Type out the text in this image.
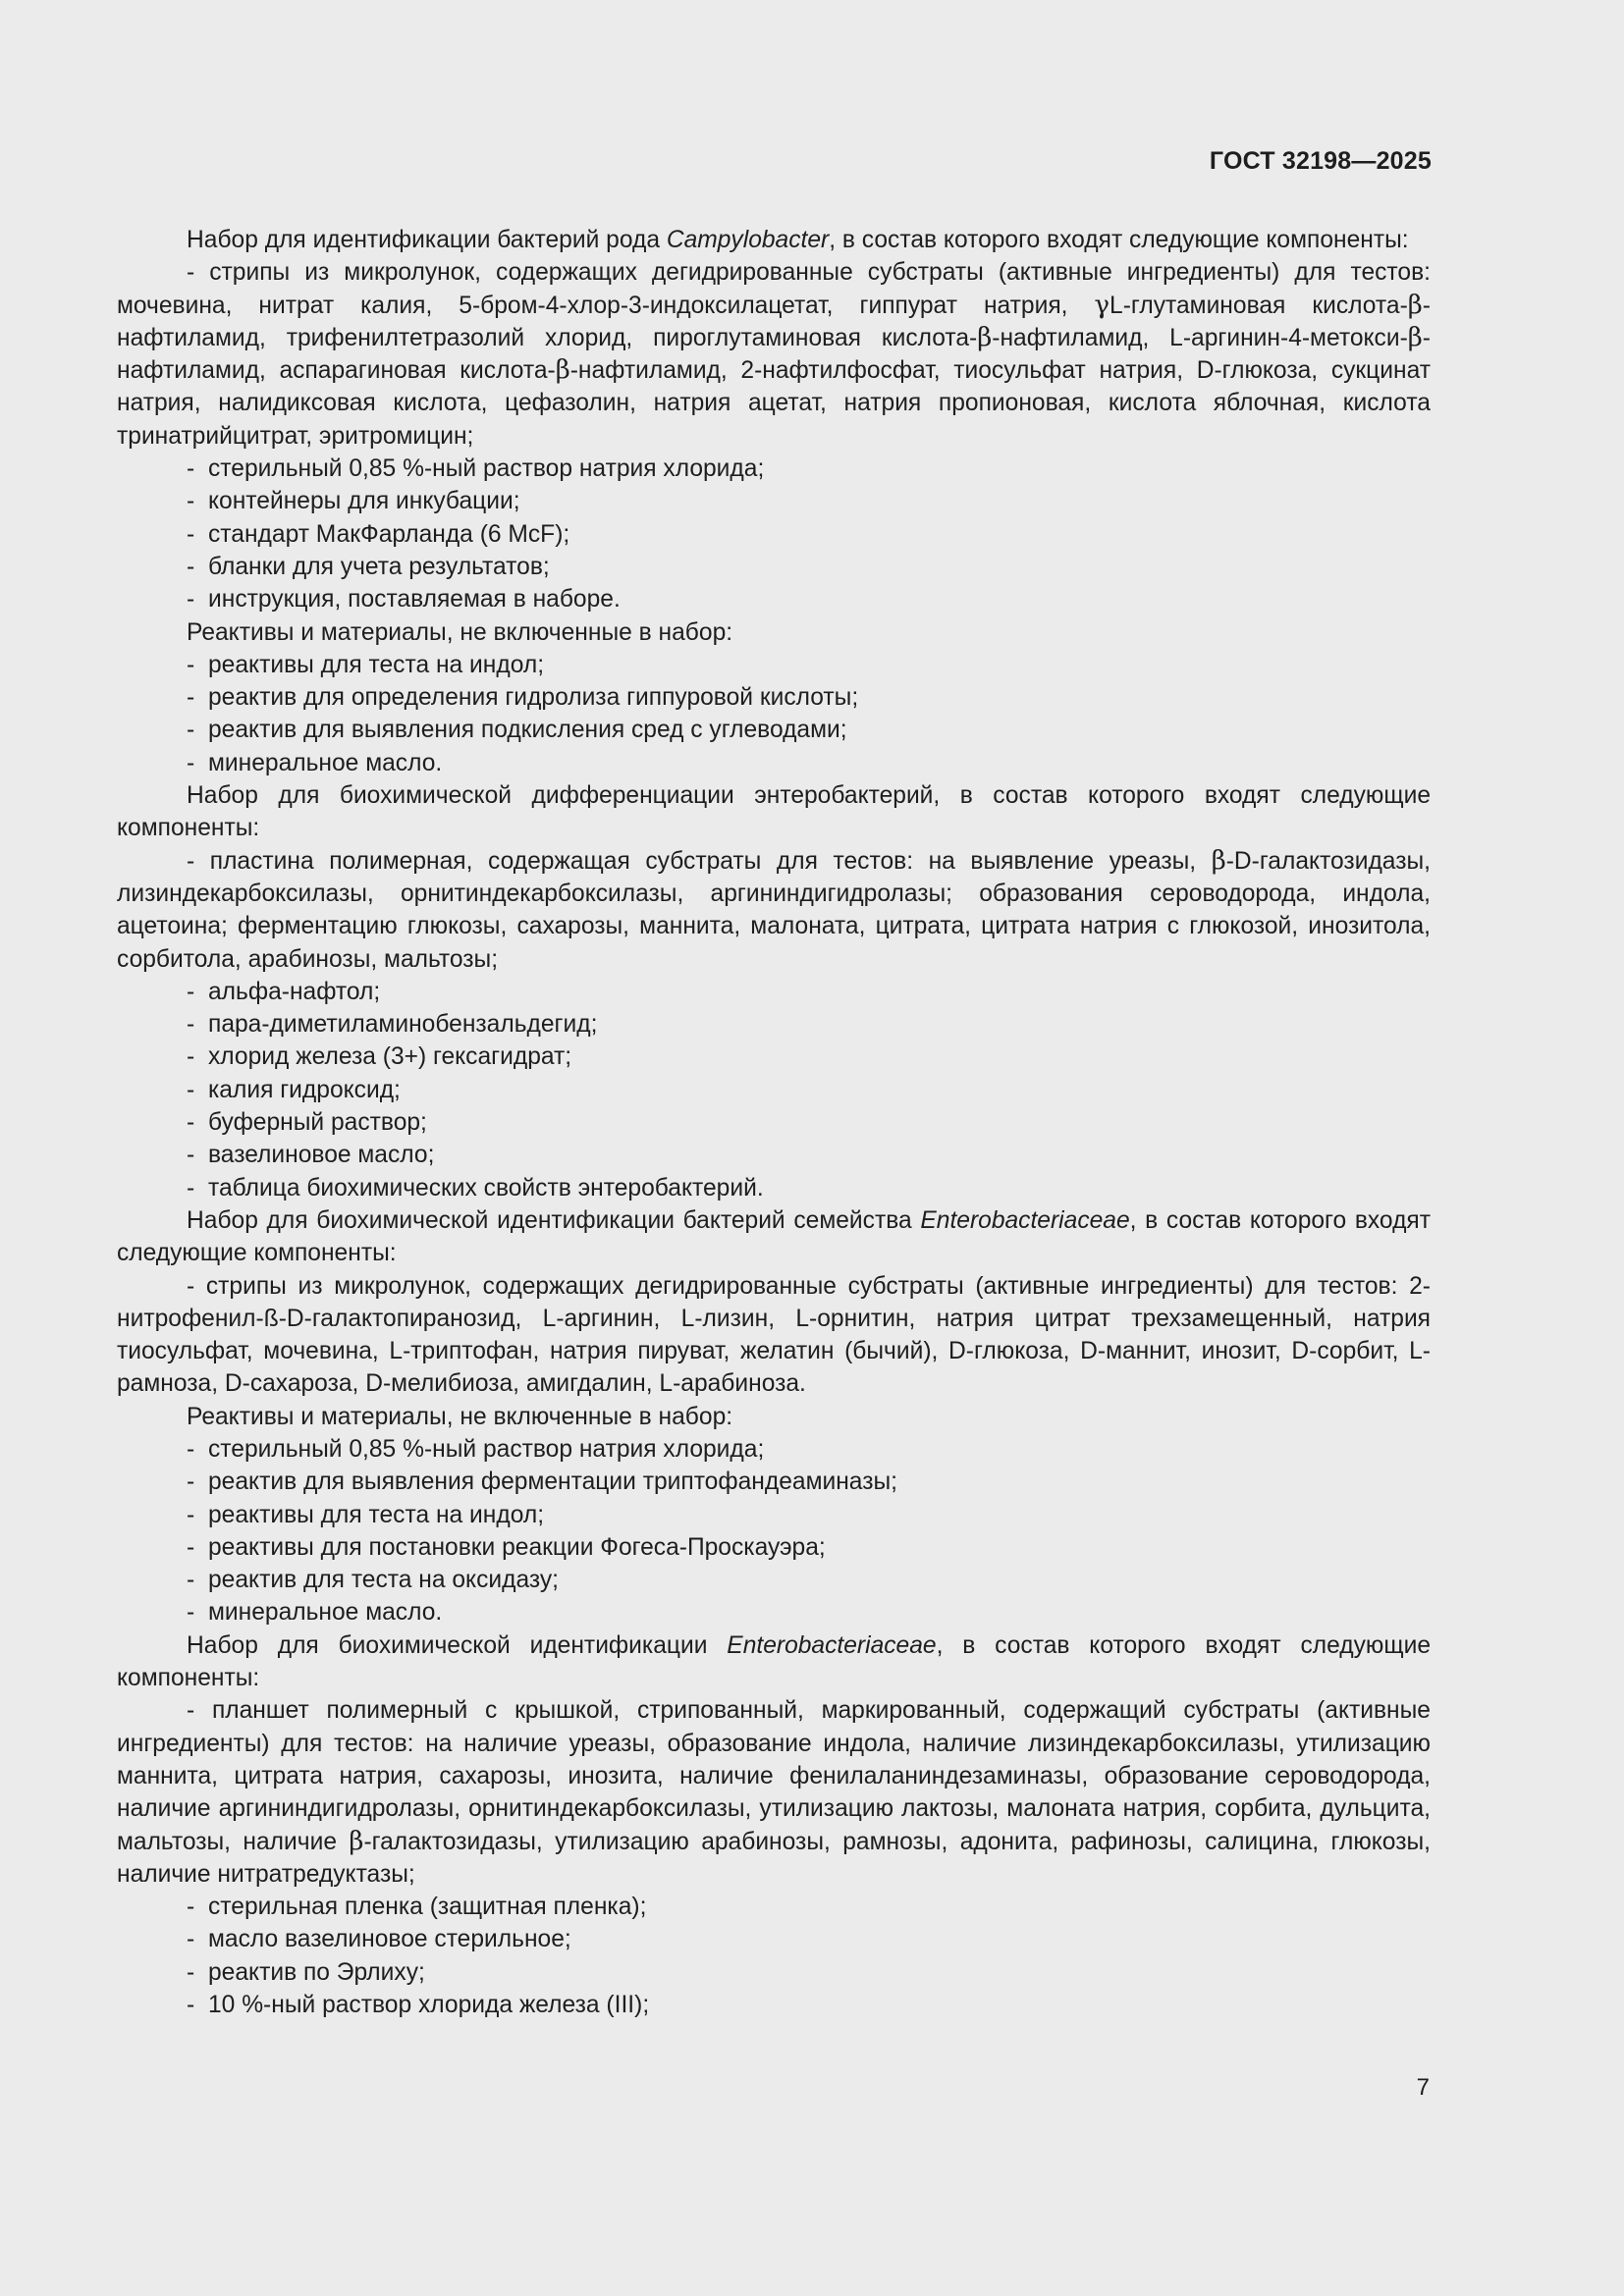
ГОСТ 32198—2025

Набор для идентификации бактерий рода Campylobacter, в состав которого входят следующие компоненты:

- стрипы из микролунок, содержащих дегидрированные субстраты (активные ингредиенты) для тестов: мочевина, нитрат калия, 5-бром-4-хлор-3-индоксилацетат, гиппурат натрия, γL-глутаминовая кислота-β-нафтиламид, трифенилтетразолий хлорид, пироглутаминовая кислота-β-нафтиламид, L-аргинин-4-метокси-β-нафтиламид, аспарагиновая кислота-β-нафтиламид, 2-нафтилфосфат, тиосульфат натрия, D-глюкоза, сукцинат натрия, налидиксовая кислота, цефазолин, натрия ацетат, натрия пропионовая, кислота яблочная, кислота тринатрийцитрат, эритромицин;

- стерильный 0,85 %-ный раствор натрия хлорида;

- контейнеры для инкубации;

- стандарт МакФарланда (6 McF);

- бланки для учета результатов;

- инструкция, поставляемая в наборе.

Реактивы и материалы, не включенные в набор:

- реактивы для теста на индол;

- реактив для определения гидролиза гиппуровой кислоты;

- реактив для выявления подкисления сред с углеводами;

- минеральное масло.

Набор для биохимической дифференциации энтеробактерий, в состав которого входят следующие компоненты:

- пластина полимерная, содержащая субстраты для тестов: на выявление уреазы, β-D-галактозидазы, лизиндекарбоксилазы, орнитиндекарбоксилазы, аргининдигидролазы; образования сероводорода, индола, ацетоина; ферментацию глюкозы, сахарозы, маннита, малоната, цитрата, цитрата натрия с глюкозой, инозитола, сорбитола, арабинозы, мальтозы;

- альфа-нафтол;

- пара-диметиламинобензальдегид;

- хлорид железа (3+) гексагидрат;

- калия гидроксид;

- буферный раствор;

- вазелиновое масло;

- таблица биохимических свойств энтеробактерий.

Набор для биохимической идентификации бактерий семейства Enterobacteriaceae, в состав которого входят следующие компоненты:

- стрипы из микролунок, содержащих дегидрированные субстраты (активные ингредиенты) для тестов: 2-нитрофенил-ß-D-галактопиранозид, L-аргинин, L-лизин, L-орнитин, натрия цитрат трехзамещенный, натрия тиосульфат, мочевина, L-триптофан, натрия пируват, желатин (бычий), D-глюкоза, D-маннит, инозит, D-сорбит, L-рамноза, D-сахароза, D-мелибиоза, амигдалин, L-арабиноза.

Реактивы и материалы, не включенные в набор:

- стерильный 0,85 %-ный раствор натрия хлорида;

- реактив для выявления ферментации триптофандеаминазы;

- реактивы для теста на индол;

- реактивы для постановки реакции Фогеса-Проскауэра;

- реактив для теста на оксидазу;

- минеральное масло.

Набор для биохимической идентификации Enterobacteriaceae, в состав которого входят следующие компоненты:

- планшет полимерный с крышкой, стрипованный, маркированный, содержащий субстраты (активные ингредиенты) для тестов: на наличие уреазы, образование индола, наличие лизиндекарбоксилазы, утилизацию маннита, цитрата натрия, сахарозы, инозита, наличие фенилаланиндезаминазы, образование сероводорода, наличие аргининдигидролазы, орнитиндекарбоксилазы, утилизацию лактозы, малоната натрия, сорбита, дульцита, мальтозы, наличие β-галактозидазы, утилизацию арабинозы, рамнозы, адонита, рафинозы, салицина, глюкозы, наличие нитратредуктазы;

- стерильная пленка (защитная пленка);

- масло вазелиновое стерильное;

- реактив по Эрлиху;

- 10 %-ный раствор хлорида железа (III);

7
